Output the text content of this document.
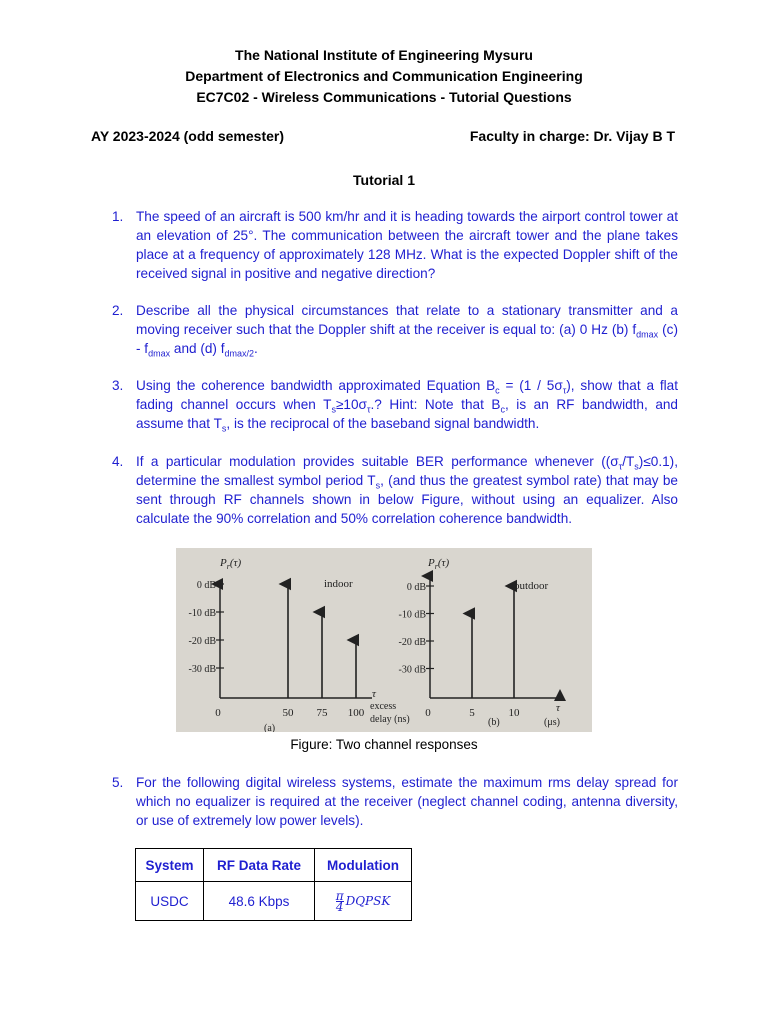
The National Institute of Engineering Mysuru
Department of Electronics and Communication Engineering
EC7C02 - Wireless Communications - Tutorial Questions
AY 2023-2024 (odd semester)	Faculty in charge: Dr. Vijay B T
Tutorial 1
1. The speed of an aircraft is 500 km/hr and it is heading towards the airport control tower at an elevation of 25°. The communication between the aircraft tower and the plane takes place at a frequency of approximately 128 MHz. What is the expected Doppler shift of the received signal in positive and negative direction?
2. Describe all the physical circumstances that relate to a stationary transmitter and a moving receiver such that the Doppler shift at the receiver is equal to: (a) 0 Hz (b) $f_{dmax}$ $(c) - f_{dmax}$ and (d) $f_{dmax/2}$.
3. Using the coherence bandwidth approximated Equation $B_c = (1 / 5\sigma_\tau)$, show that a flat fading channel occurs when $T_s\ge 10\sigma_\tau$.? Hint: Note that $B_c$, is an RF bandwidth, and assume that $T_s$, is the reciprocal of the baseband signal bandwidth.
4. If a particular modulation provides suitable BER performance whenever $((\sigma_\tau/T_s)\le 0.1)$, determine the smallest symbol period $T_s$, (and thus the greatest symbol rate) that may be sent through RF channels shown in below Figure, without using an equalizer. Also calculate the 90% correlation and 50% correlation coherence bandwidth.
$P_r(\tau)$
indoor
0 dB
-10 dB
-20 dB
-30 dB
0	50 75 100
τ
excess
delay (ns)
(a)
$P_r(\tau)$
outdoor
0 dB
-10 dB
-20 dB
-30 dB
0	5	10	τ
(μs)
(b)
Figure: Two channel responses
5. For the following digital wireless systems, estimate the maximum rms delay spread for which no equalizer is required at the receiver (neglect channel coding, antenna diversity, or use of extremely low power levels).
System	RF Data Rate	Modulation
USDC	48.6 Kbps	$\frac{\pi}{4}$ DQPSK
